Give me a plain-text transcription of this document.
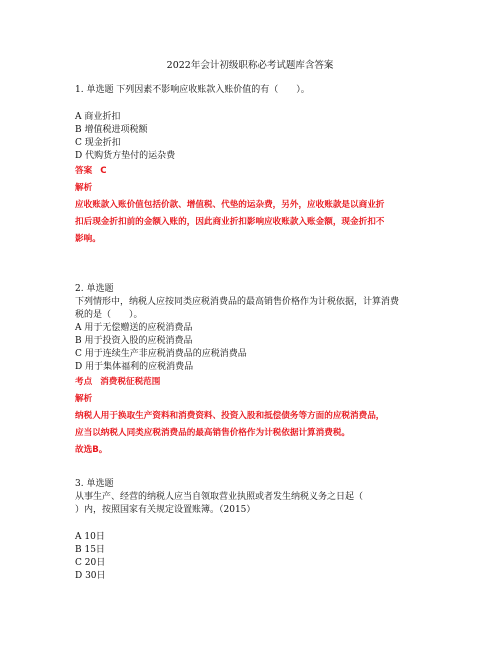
2022年会计初级职称必考试题库含答案
1. 单选题 下列因素不影响应收账款入账价值的有（　　）。
A 商业折扣
B 增值税进项税额
C 现金折扣
D 代购货方垫付的运杂费
答案 C
解析
应收账款入账价值包括价款、增值税、代垫的运杂费，另外，应收账款是以商业折
扣后现金折扣前的金额入账的，因此商业折扣影响应收账款入账金额，现金折扣不
影响。
2. 单选题
下列情形中，纳税人应按同类应税消费品的最高销售价格作为计税依据，计算消费
税的是（　　）。
A 用于无偿赠送的应税消费品
B 用于投资入股的应税消费品
C 用于连续生产非应税消费品的应税消费品
D 用于集体福利的应税消费品
考点 消费税征税范围
解析
纳税人用于换取生产资料和消费资料、投资入股和抵偿债务等方面的应税消费品，
应当以纳税人同类应税消费品的最高销售价格作为计税依据计算消费税。
故选B。
3. 单选题
从事生产、经营的纳税人应当自领取营业执照或者发生纳税义务之日起（
）内，按照国家有关规定设置账簿。（2015）
A 10日
B 15日
C 20日
D 30日
